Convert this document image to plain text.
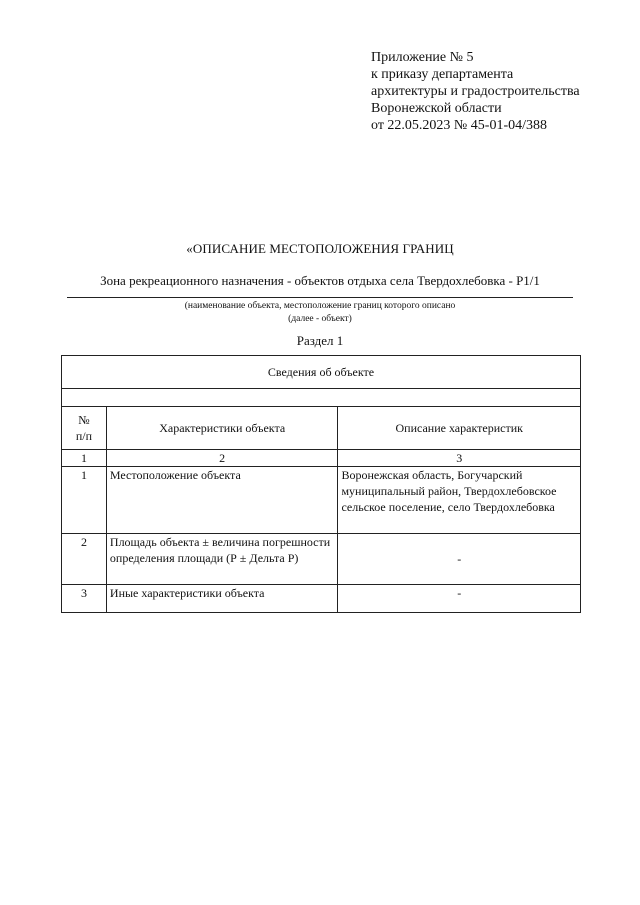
Приложение № 5
к приказу департамента
архитектуры и градостроительства
Воронежской области
от 22.05.2023 № 45-01-04/388
«ОПИСАНИЕ МЕСТОПОЛОЖЕНИЯ ГРАНИЦ
Зона рекреационного назначения - объектов отдыха села Твердохлебовка - Р1/1
(наименование объекта, местоположение границ которого описано
(далее - объект)
Раздел 1
Сведения об объекте		

№
п/п	Характеристики объекта	Описание характеристик
1	2	3
1	Местоположение объекта	Воронежская область, Богучарский муниципальный район, Твердохлебовское сельское поселение, село Твердохлебовка
2	Площадь объекта ± величина погрешности определения площади (Р ± Дельта Р)	-
3	Иные характеристики объекта	-
